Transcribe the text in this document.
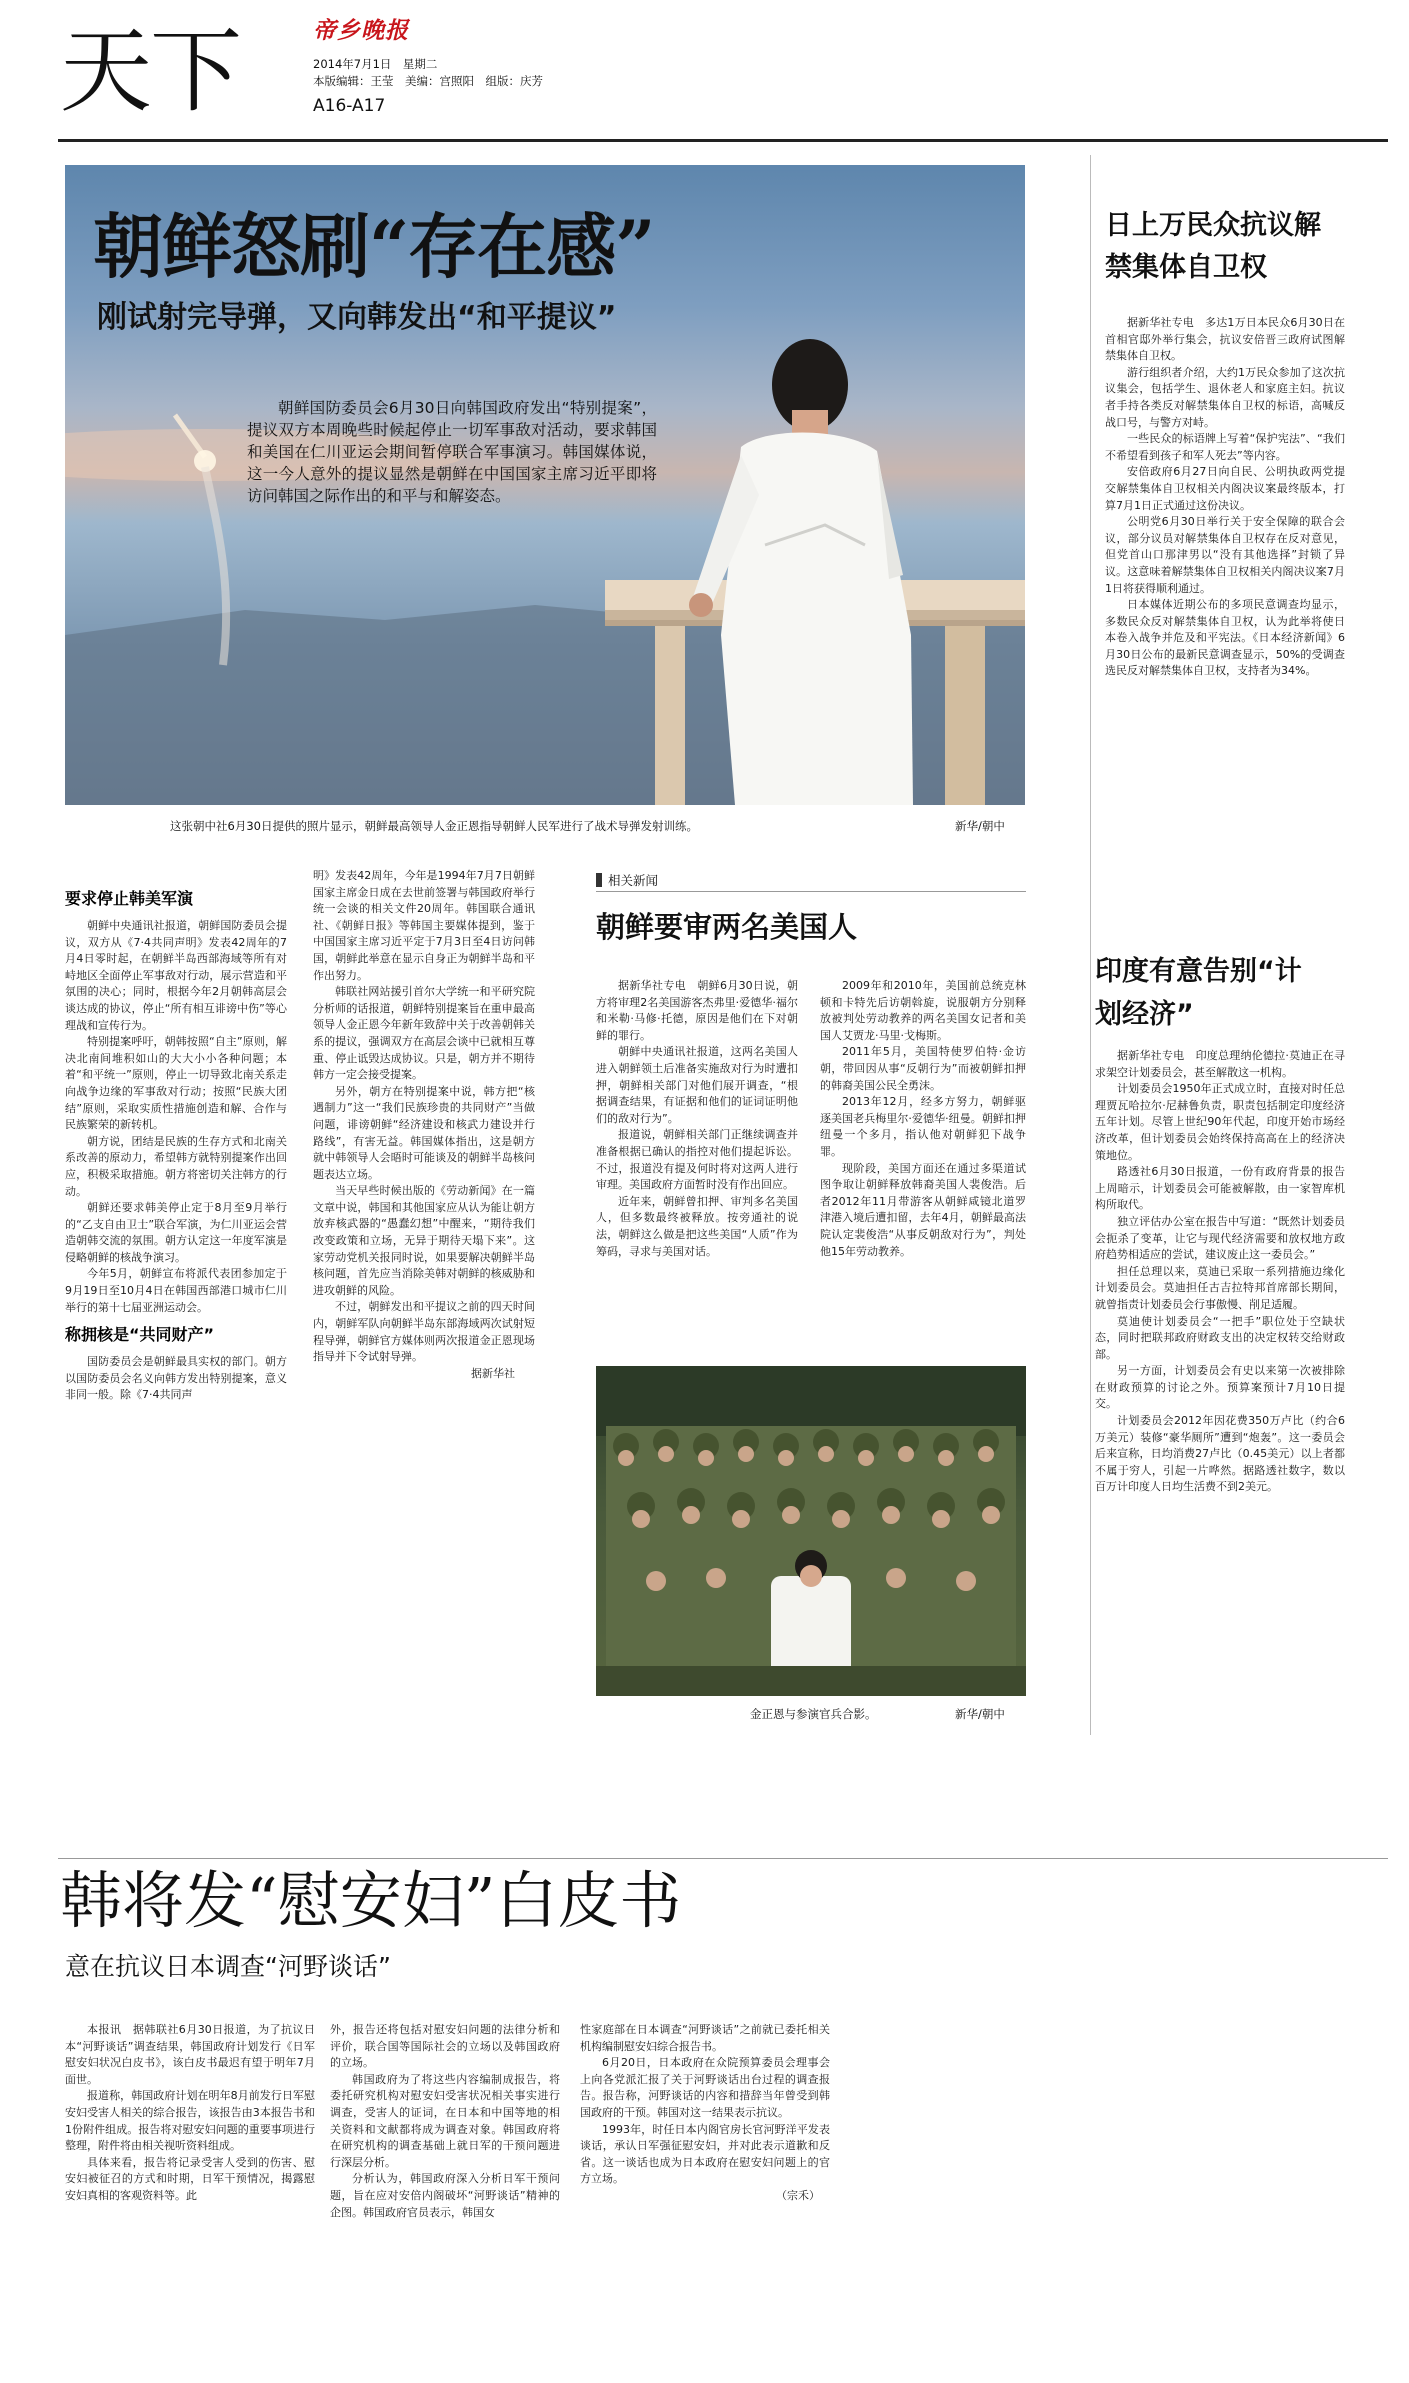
天下	帝乡晚报
2014年7月1日　星期二
本版编辑：王莹　美编：宫照阳　组版：庆芳
A16-A17
朝鲜怒刷“存在感”
刚试射完导弹，又向韩发出“和平提议”
朝鲜国防委员会6月30日向韩国政府发出“特别提案”，提议双方本周晚些时候起停止一切军事敌对活动，要求韩国和美国在仁川亚运会期间暂停联合军事演习。韩国媒体说，这一今人意外的提议显然是朝鲜在中国国家主席习近平即将访问韩国之际作出的和平与和解姿态。
这张朝中社6月30日提供的照片显示，朝鲜最高领导人金正恩指导朝鲜人民军进行了战术导弹发射训练。	新华/朝中
要求停止韩美军演

朝鲜中央通讯社报道，朝鲜国防委员会提议，双方从《7·4共同声明》发表42周年的7月4日零时起，在朝鲜半岛西部海域等所有对峙地区全面停止军事敌对行动，展示营造和平氛围的决心；同时，根据今年2月朝韩高层会谈达成的协议，停止“所有相互诽谤中伤”等心理战和宣传行为。

特别提案呼吁，朝韩按照“自主”原则，解决北南间堆积如山的大大小小各种问题；本着“和平统一”原则，停止一切导致北南关系走向战争边缘的军事敌对行动；按照“民族大团结”原则，采取实质性措施创造和解、合作与民族繁荣的新转机。

朝方说，团结是民族的生存方式和北南关系改善的原动力，希望韩方就特别提案作出回应，积极采取措施。朝方将密切关注韩方的行动。

朝鲜还要求韩美停止定于8月至9月举行的“乙支自由卫士”联合军演，为仁川亚运会营造朝韩交流的氛围。朝方认定这一年度军演是侵略朝鲜的核战争演习。

今年5月，朝鲜宣布将派代表团参加定于9月19日至10月4日在韩国西部港口城市仁川举行的第十七届亚洲运动会。

称拥核是“共同财产”

国防委员会是朝鲜最具实权的部门。朝方以国防委员会名义向韩方发出特别提案，意义非同一般。除《7·4共同声

明》发表42周年，今年是1994年7月7日朝鲜国家主席金日成在去世前签署与韩国政府举行统一会谈的相关文件20周年。韩国联合通讯社、《朝鲜日报》等韩国主要媒体提到，鉴于中国国家主席习近平定于7月3日至4日访问韩国，朝鲜此举意在显示自身正为朝鲜半岛和平作出努力。

韩联社网站援引首尔大学统一和平研究院分析师的话报道，朝鲜特别提案旨在重申最高领导人金正恩今年新年致辞中关于改善朝韩关系的提议，强调双方在高层会谈中已就相互尊重、停止诋毁达成协议。只是，朝方并不期待韩方一定会接受提案。

另外，朝方在特别提案中说，韩方把“核遇制力”这一“我们民族珍贵的共同财产”当做问题，诽谤朝鲜“经济建设和核武力建设并行路线”，有害无益。韩国媒体指出，这是朝方就中韩领导人会晤时可能谈及的朝鲜半岛核问题表达立场。

当天早些时候出版的《劳动新闻》在一篇文章中说，韩国和其他国家应从认为能让朝方放弃核武器的“愚蠢幻想”中醒来，“期待我们改变政策和立场，无异于期待天塌下来”。这家劳动党机关报同时说，如果要解决朝鲜半岛核问题，首先应当消除美韩对朝鲜的核威胁和进攻朝鲜的风险。

不过，朝鲜发出和平提议之前的四天时间内，朝鲜军队向朝鲜半岛东部海域两次试射短程导弹，朝鲜官方媒体则两次报道金正恩现场指导并下令试射导弹。

据新华社

相关新闻
朝鲜要审两名美国人

据新华社专电　朝鲜6月30日说，朝方将审理2名美国游客杰弗里·爱德华·福尔和米勒·马修·托德，原因是他们在下对朝鲜的罪行。

朝鲜中央通讯社报道，这两名美国人进入朝鲜领土后准备实施敌对行为时遭扣押，朝鲜相关部门对他们展开调查，“根据调查结果，有证据和他们的证词证明他们的敌对行为”。

报道说，朝鲜相关部门正继续调查并准备根据已确认的指控对他们提起诉讼。不过，报道没有提及何时将对这两人进行审理。美国政府方面暂时没有作出回应。

近年来，朝鲜曾扣押、审判多名美国人，但多数最终被释放。按旁通社的说法，朝鲜这么做是把这些美国“人质”作为筹码，寻求与美国对话。

2009年和2010年，美国前总统克林顿和卡特先后访朝斡旋，说服朝方分别释放被判处劳动教养的两名美国女记者和美国人艾贾龙·马里·戈梅斯。

2011年5月，美国特使罗伯特·金访朝，带回因从事“反朝行为”而被朝鲜扣押的韩裔美国公民全勇沫。

2013年12月，经多方努力，朝鲜驱逐美国老兵梅里尔·爱德华·纽曼。朝鲜扣押纽曼一个多月，指认他对朝鲜犯下战争罪。

现阶段，美国方面还在通过多渠道试图争取让朝鲜释放韩裔美国人裴俊浩。后者2012年11月带游客从朝鲜咸镜北道罗津港入境后遭扣留，去年4月，朝鲜最高法院认定裴俊浩“从事反朝敌对行为”，判处他15年劳动教养。

金正恩与参演官兵合影。	新华/朝中
日上万民众抗议解禁集体自卫权

据新华社专电　多达1万日本民众6月30日在首相官邸外举行集会，抗议安倍晋三政府试图解禁集体自卫权。

游行组织者介绍，大约1万民众参加了这次抗议集会，包括学生、退休老人和家庭主妇。抗议者手持各类反对解禁集体自卫权的标语，高喊反战口号，与警方对峙。

一些民众的标语牌上写着“保护宪法”、“我们不希望看到孩子和军人死去”等内容。

安倍政府6月27日向自民、公明执政两党提交解禁集体自卫权相关内阁决议案最终版本，打算7月1日正式通过这份决议。

公明党6月30日举行关于安全保障的联合会议，部分议员对解禁集体自卫权存在反对意见，但党首山口那津男以“没有其他选择”封锁了异议。这意味着解禁集体自卫权相关内阁决议案7月1日将获得顺利通过。

日本媒体近期公布的多项民意调查均显示，多数民众反对解禁集体自卫权，认为此举将使日本卷入战争并危及和平宪法。《日本经济新闻》6月30日公布的最新民意调查显示，50%的受调查选民反对解禁集体自卫权，支持者为34%。

印度有意告别“计划经济”

据新华社专电　印度总理纳伦德拉·莫迪正在寻求架空计划委员会，甚至解散这一机构。

计划委员会1950年正式成立时，直接对时任总理贾瓦哈拉尔·尼赫鲁负责，职责包括制定印度经济五年计划。尽管上世纪90年代起，印度开始市场经济改革，但计划委员会始终保持高高在上的经济决策地位。

路透社6月30日报道，一份有政府背景的报告上周暗示，计划委员会可能被解散，由一家智库机构所取代。

独立评估办公室在报告中写道：“既然计划委员会扼杀了变革，让它与现代经济需要和放权地方政府趋势相适应的尝试，建议废止这一委员会。”

担任总理以来，莫迪已采取一系列措施边缘化计划委员会。莫迪担任古吉拉特邦首席部长期间，就曾指责计划委员会行事傲慢、削足适履。

莫迪使计划委员会“一把手”职位处于空缺状态，同时把联邦政府财政支出的决定权转交给财政部。

另一方面，计划委员会有史以来第一次被排除在财政预算的讨论之外。预算案预计7月10日提交。

计划委员会2012年因花费350万卢比（约合6万美元）装修“豪华厕所”遭到“炮轰”。这一委员会后来宣称，日均消费27卢比（0.45美元）以上者都不属于穷人，引起一片哗然。据路透社数字，数以百万计印度人日均生活费不到2美元。

韩将发“慰安妇”白皮书
意在抗议日本调查“河野谈话”

本报讯　据韩联社6月30日报道，为了抗议日本“河野谈话”调查结果，韩国政府计划发行《日军慰安妇状况白皮书》，该白皮书最迟有望于明年7月面世。

报道称，韩国政府计划在明年8月前发行日军慰安妇受害人相关的综合报告，该报告由3本报告书和1份附件组成。报告将对慰安妇问题的重要事项进行整理，附件将由相关视听资料组成。

具体来看，报告将记录受害人受到的伤害、慰安妇被征召的方式和时期，日军干预情况，揭露慰安妇真相的客观资料等。此

外，报告还将包括对慰安妇问题的法律分析和评价，联合国等国际社会的立场以及韩国政府的立场。

韩国政府为了将这些内容编制成报告，将委托研究机构对慰安妇受害状况相关事实进行调查，受害人的证词，在日本和中国等地的相关资料和文献都将成为调查对象。韩国政府将在研究机构的调查基础上就日军的干预问题进行深层分析。

分析认为，韩国政府深入分析日军干预问题，旨在应对安倍内阁破坏“河野谈话”精神的企图。韩国政府官员表示，韩国女

性家庭部在日本调查“河野谈话”之前就已委托相关机构编制慰安妇综合报告书。

6月20日，日本政府在众院预算委员会理事会上向各党派汇报了关于河野谈话出台过程的调查报告。报告称，河野谈话的内容和措辞当年曾受到韩国政府的干预。韩国对这一结果表示抗议。

1993年，时任日本内阁官房长官河野洋平发表谈话，承认日军强征慰安妇，并对此表示道歉和反省。这一谈话也成为日本政府在慰安妇问题上的官方立场。

（宗禾）
